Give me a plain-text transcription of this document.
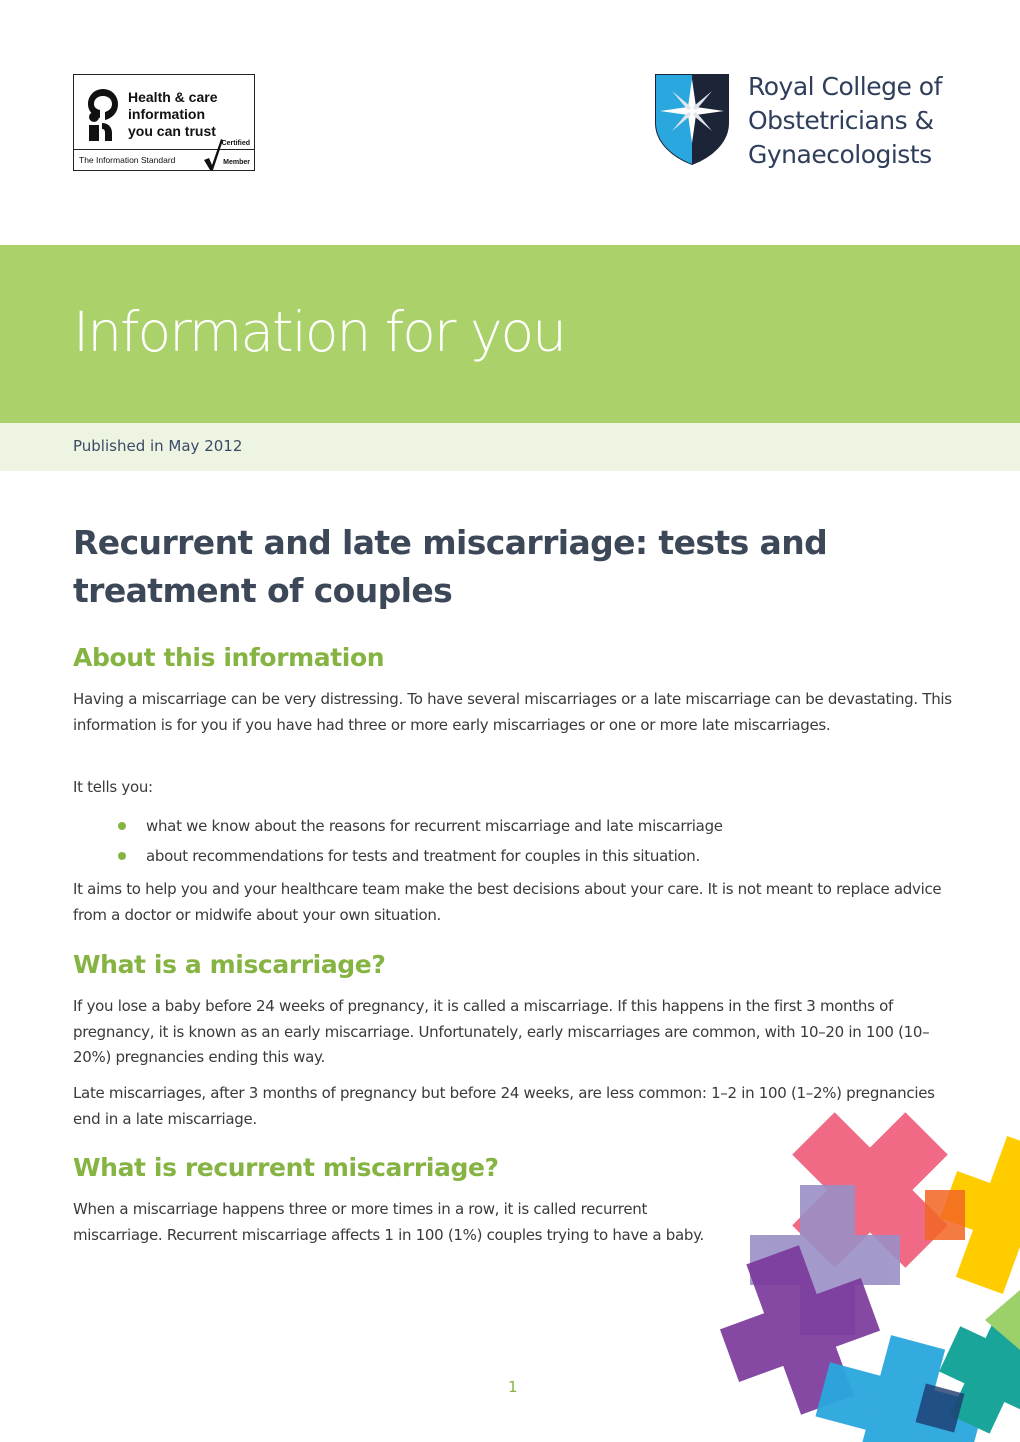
Health & care
information
you can trust
The Information Standard
Certified
Member
Royal College of
Obstetricians &
Gynaecologists
Information for you
Published in May 2012
Recurrent and late miscarriage: tests and treatment of couples
About this information

Having a miscarriage can be very distressing. To have several miscarriages or a late miscarriage can be devastating. This information is for you if you have had three or more early miscarriages or one or more late miscarriages.

It tells you:

what we know about the reasons for recurrent miscarriage and late miscarriage
about recommendations for tests and treatment for couples in this situation.

It aims to help you and your healthcare team make the best decisions about your care. It is not meant to replace advice from a doctor or midwife about your own situation.

What is a miscarriage?

If you lose a baby before 24 weeks of pregnancy, it is called a miscarriage. If this happens in the first 3 months of pregnancy, it is known as an early miscarriage. Unfortunately, early miscarriages are common, with 10–20 in 100 (10–20%) pregnancies ending this way.

Late miscarriages, after 3 months of pregnancy but before 24 weeks, are less common: 1–2 in 100 (1–2%) pregnancies end in a late miscarriage.

What is recurrent miscarriage?

When a miscarriage happens three or more times in a row, it is called recurrent miscarriage. Recurrent miscarriage affects 1 in 100 (1%) couples trying to have a baby.

1
